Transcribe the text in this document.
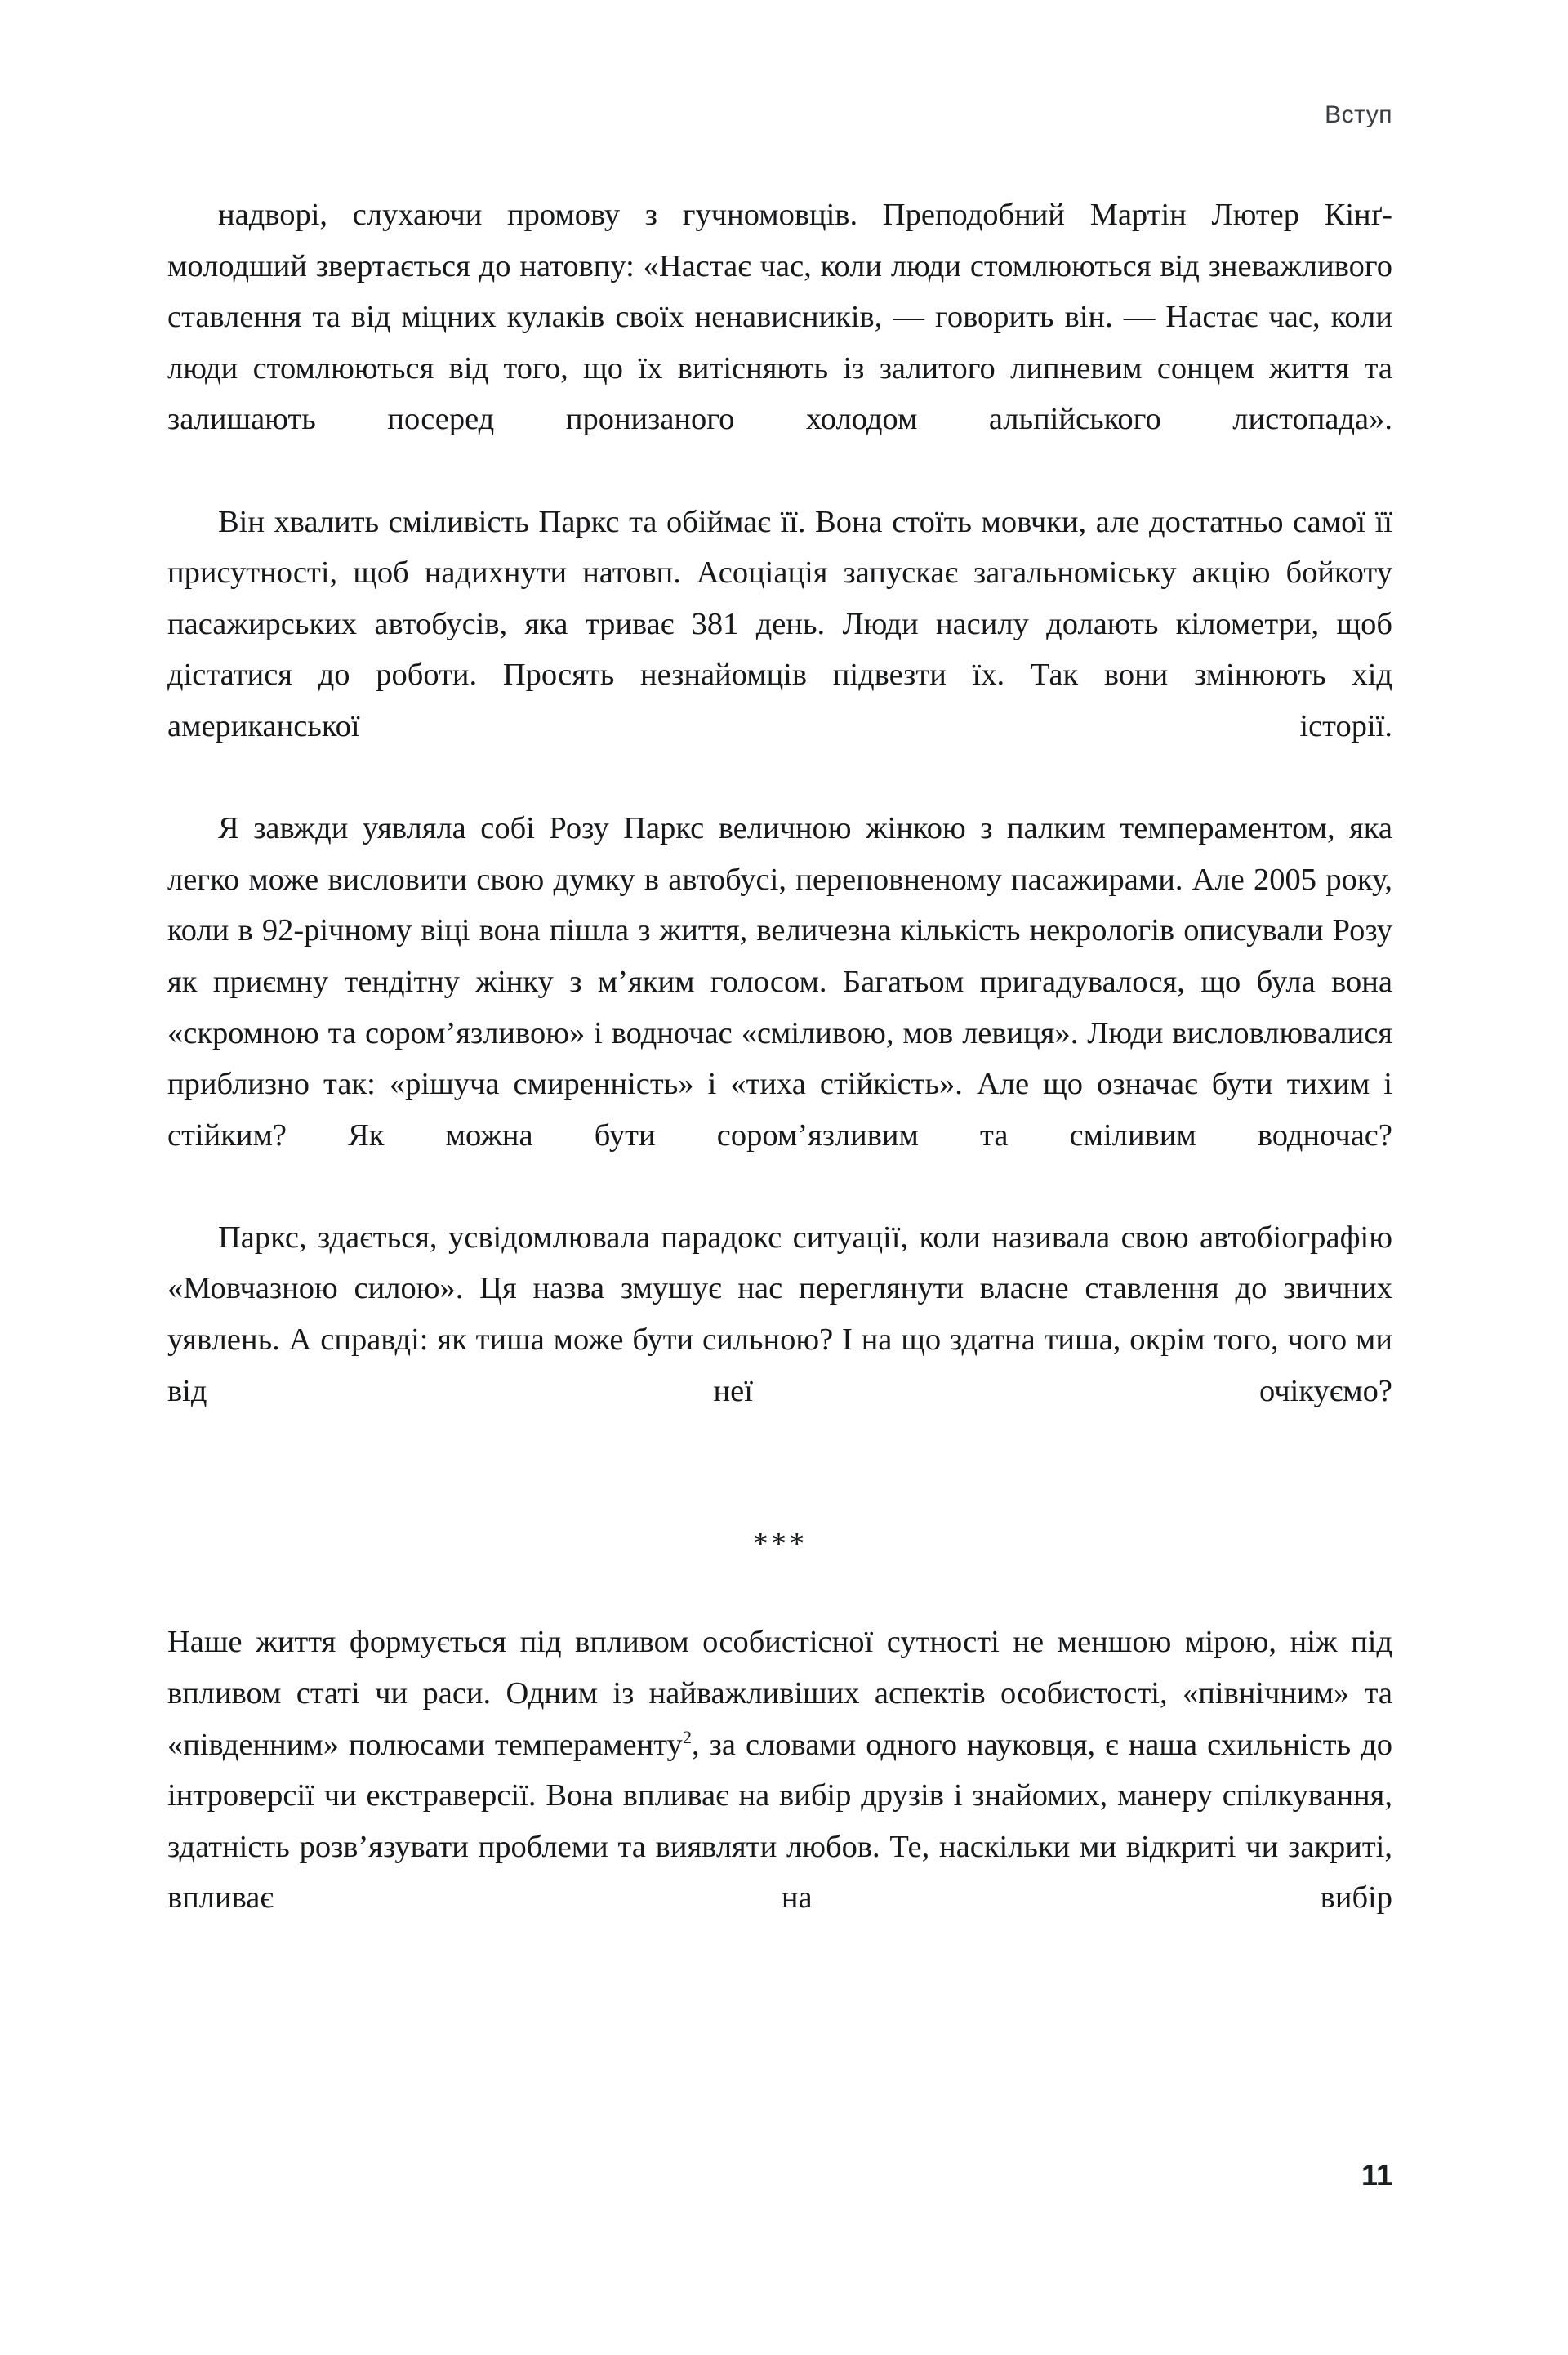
Вступ

надворі, слухаючи промову з гучномовців. Преподобний Мартін Лютер Кінґ-молодший звертається до натовпу: «Настає час, коли люди стомлюються від зневажливого ставлення та від міцних кулаків своїх ненависників, — говорить він. — Настає час, коли люди стомлюються від того, що їх витісняють із залитого липневим сонцем життя та залишають посеред пронизаного холодом альпійського листопада».

Він хвалить сміливість Паркс та обіймає її. Вона стоїть мовчки, але достатньо самої її присутності, щоб надихнути натовп. Асоціація запускає загальноміську акцію бойкоту пасажирських автобусів, яка триває 381 день. Люди насилу долають кілометри, щоб дістатися до роботи. Просять незнайомців підвезти їх. Так вони змінюють хід американської історії.

Я завжди уявляла собі Розу Паркс величною жінкою з палким темпераментом, яка легко може висловити свою думку в автобусі, переповненому пасажирами. Але 2005 року, коли в 92-річному віці вона пішла з життя, величезна кількість некрологів описували Розу як приємну тендітну жінку з м’яким голосом. Багатьом пригадувалося, що була вона «скромною та сором’язливою» і водночас «сміливою, мов левиця». Люди висловлювалися приблизно так: «рішуча смиренність» і «тиха стійкість». Але що означає бути тихим і стійким? Як можна бути сором’язливим та сміливим водночас?

Паркс, здається, усвідомлювала парадокс ситуації, коли називала свою автобіографію «Мовчазною силою». Ця назва змушує нас переглянути власне ставлення до звичних уявлень. А справді: як тиша може бути сильною? І на що здатна тиша, окрім того, чого ми від неї очікуємо?

***

Наше життя формується під впливом особистісної сутності не меншою мірою, ніж під впливом статі чи раси. Одним із найважливіших аспектів особистості, «північним» та «південним» полюсами темпераменту$^2$, за словами одного науковця, є наша схильність до інтроверсії чи екстраверсії. Вона впливає на вибір друзів і знайомих, манеру спілкування, здатність розв’язувати проблеми та виявляти любов. Те, наскільки ми відкриті чи закриті, впливає на вибір

11
